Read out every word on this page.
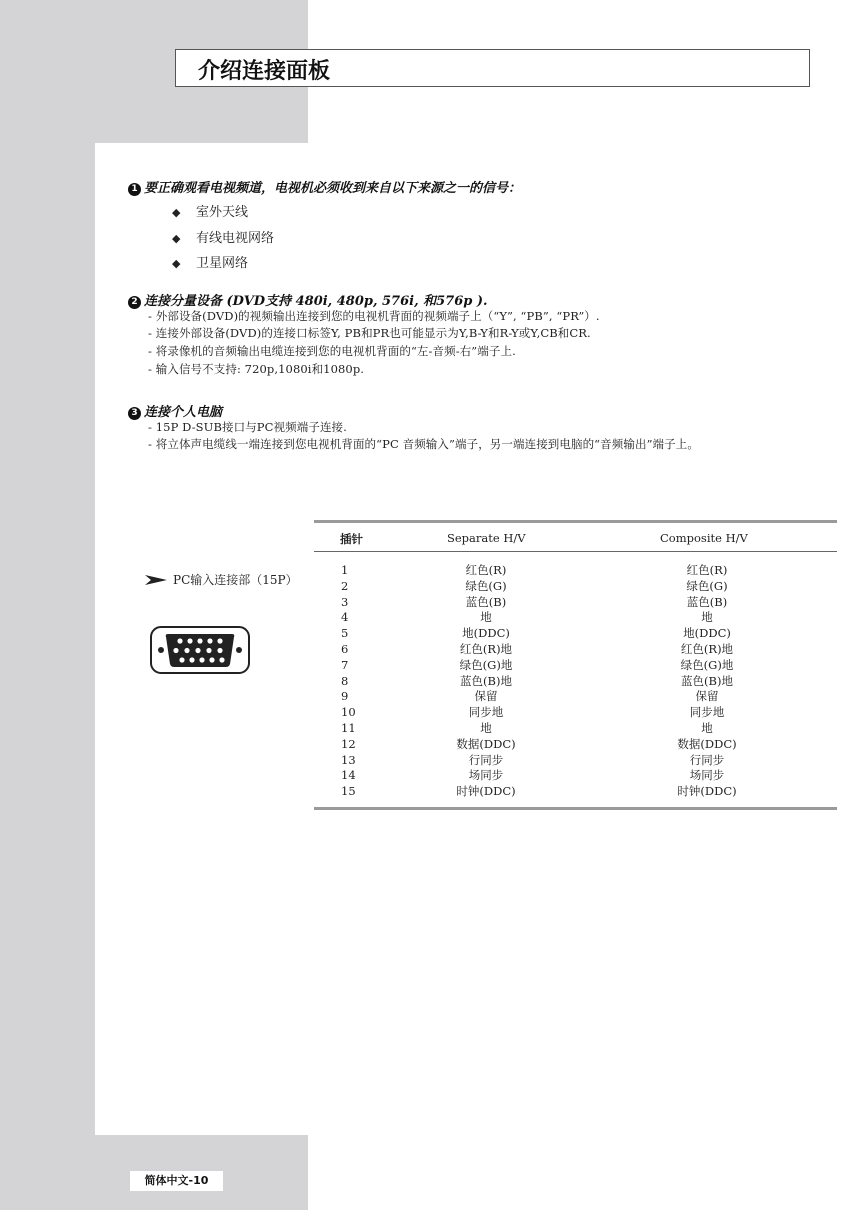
介绍连接面板
1 要正确观看电视频道，电视机必须收到来自以下来源之一的信号：
◆ 室外天线
◆ 有线电视网络
◆ 卫星网络
2 连接分量设备 (DVD支持 480i, 480p, 576i, 和576p ).
- 外部设备(DVD)的视频输出连接到您的电视机背面的视频端子上（“Y”, “PB”, “PR”）.
- 连接外部设备(DVD)的连接口标签Y, PB和PR也可能显示为Y,B-Y和R-Y或Y,CB和CR.
- 将录像机的音频输出电缆连接到您的电视机背面的“左-音频-右”端子上.
- 输入信号不支持: 720p,1080i和1080p.
3 连接个人电脑
- 15P D-SUB接口与PC视频端子连接.
- 将立体声电缆线一端连接到您电视机背面的“PC 音频输入”端子，另一端连接到电脑的“音频输出”端子上。
PC输入连接部（15P）
插针	Separate H/V	Composite H/V
1	红色(R)	红色(R)
2	绿色(G)	绿色(G)
3	蓝色(B)	蓝色(B)
4	地	地
5	地(DDC)	地(DDC)
6	红色(R)地	红色(R)地
7	绿色(G)地	绿色(G)地
8	蓝色(B)地	蓝色(B)地
9	保留	保留
10	同步地	同步地
11	地	地
12	数据(DDC)	数据(DDC)
13	行同步	行同步
14	场同步	场同步
15	时钟(DDC)	时钟(DDC)
简体中文-10
